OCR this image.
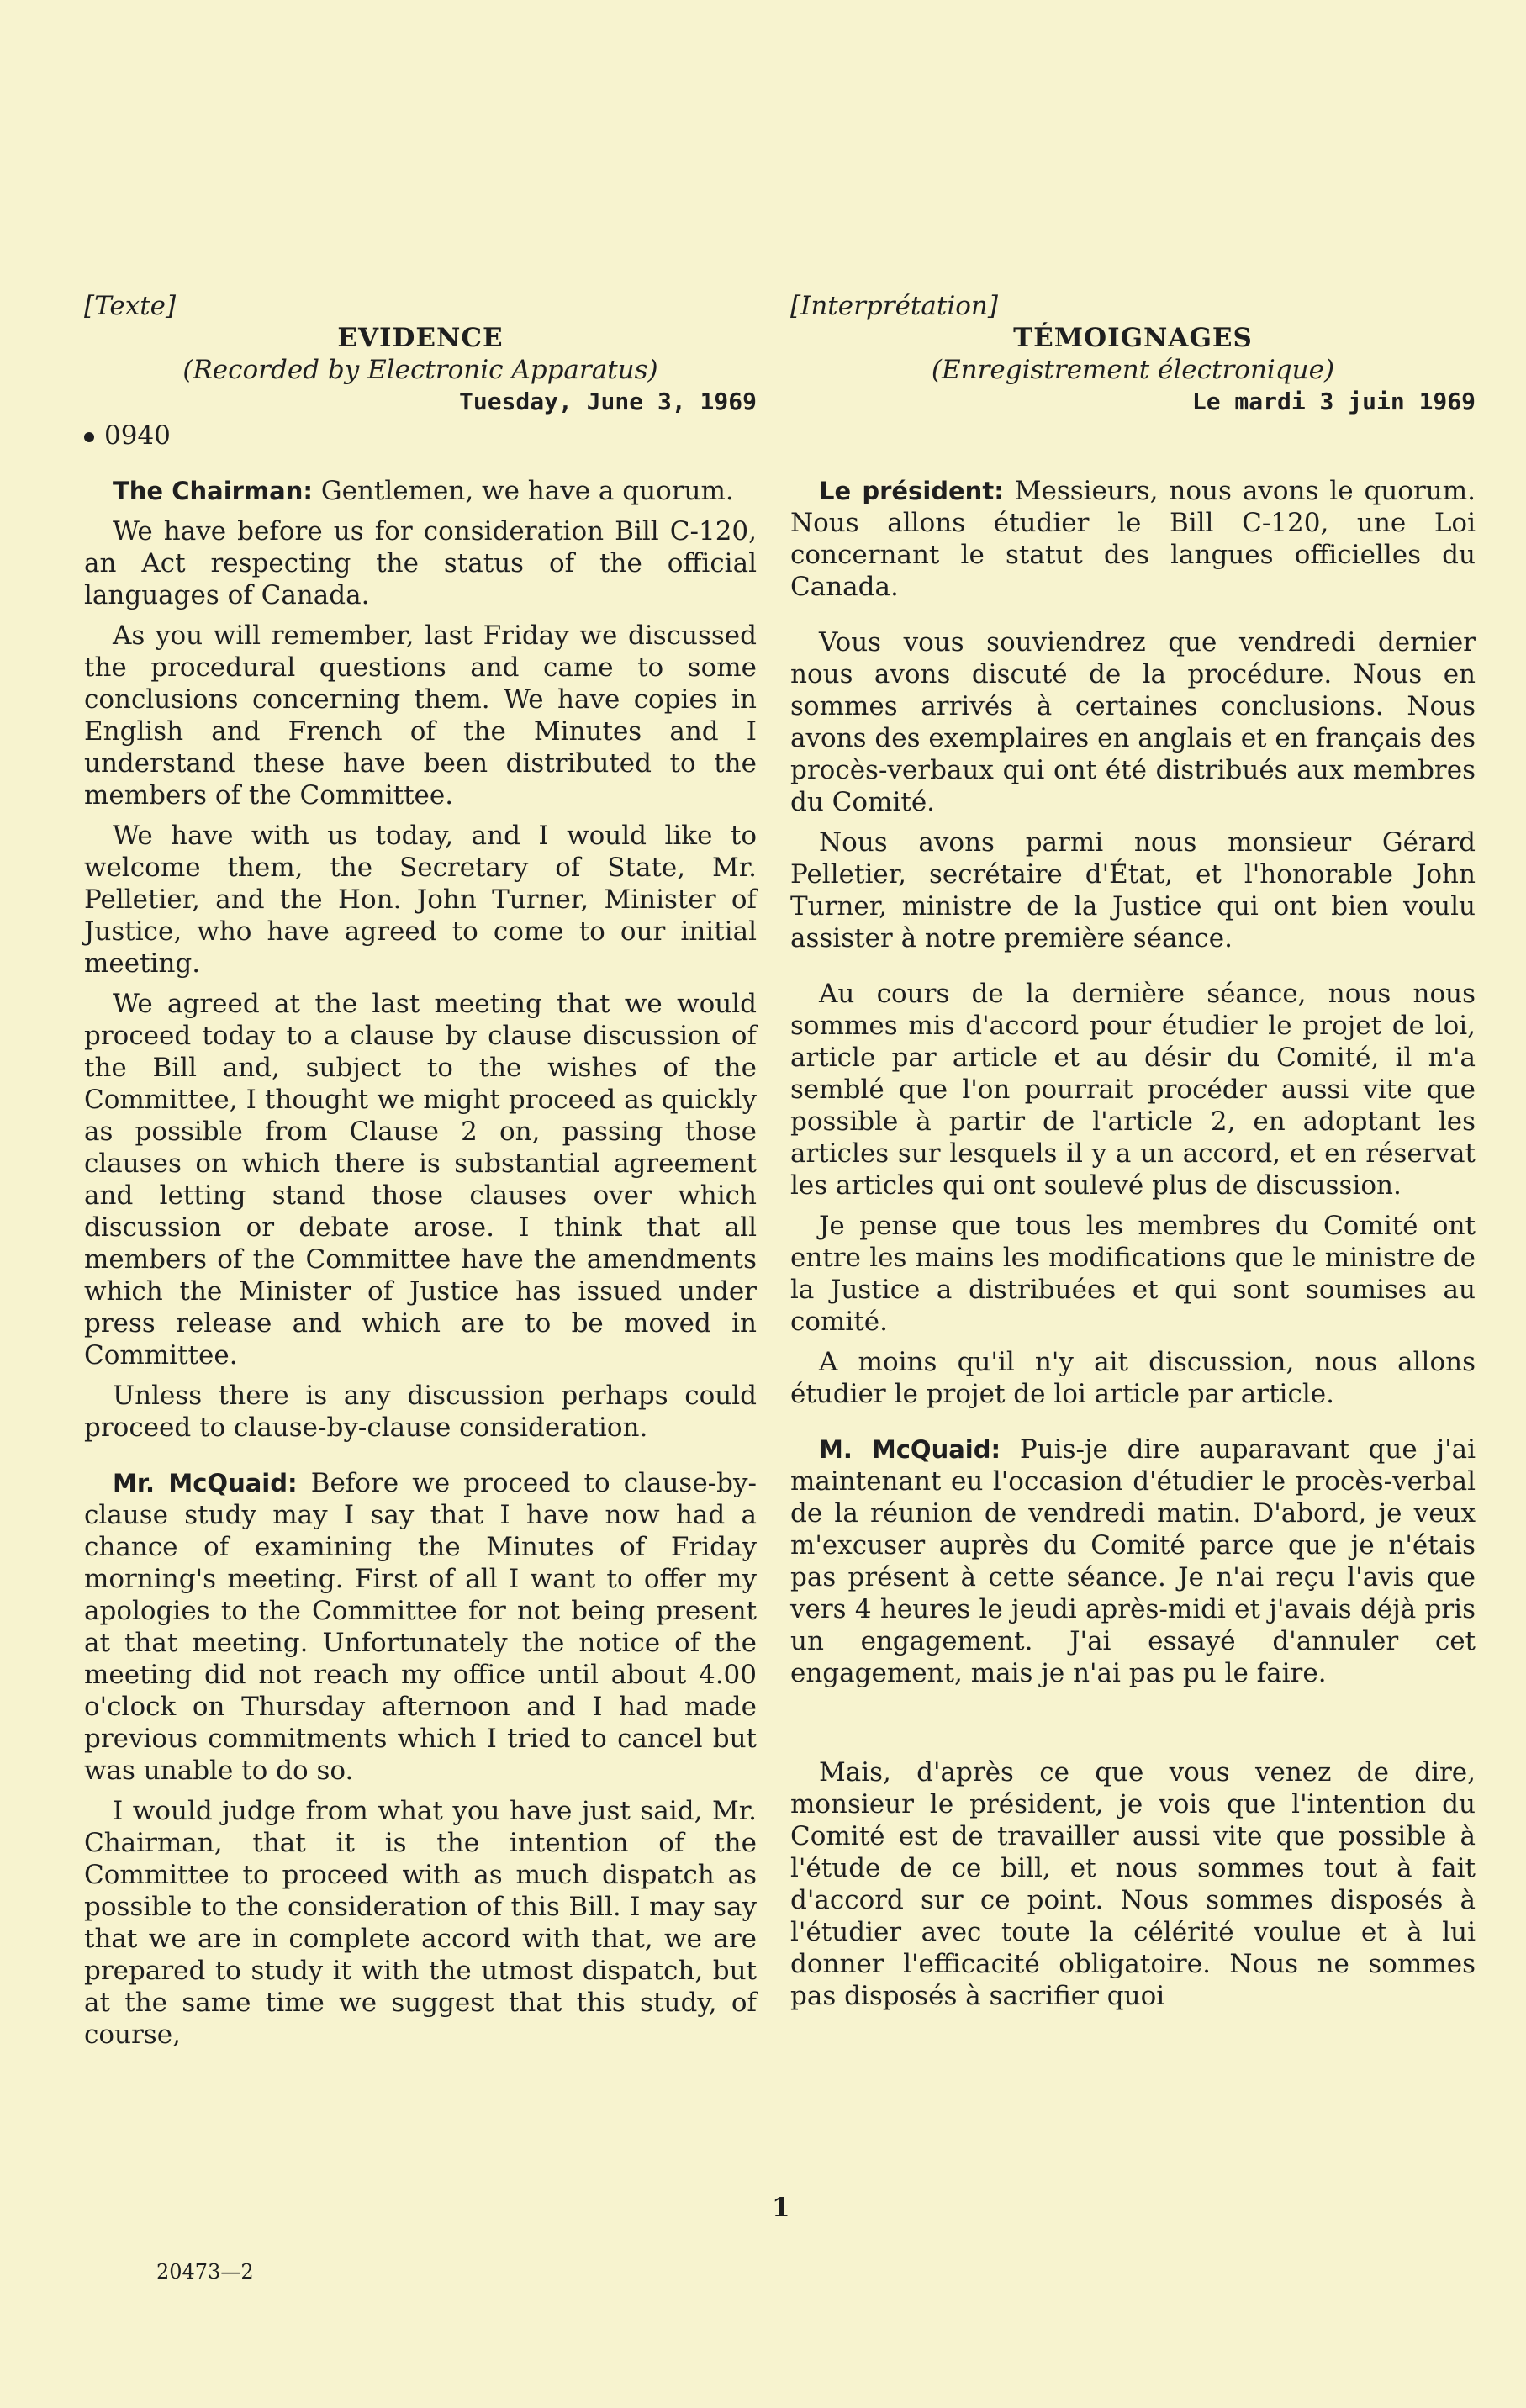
[Texte]
EVIDENCE
(Recorded by Electronic Apparatus)
Tuesday, June 3, 1969
0940

The Chairman: Gentlemen, we have a quorum.

We have before us for consideration Bill C-120, an Act respecting the status of the official languages of Canada.

As you will remember, last Friday we discussed the procedural questions and came to some conclusions concerning them. We have copies in English and French of the Minutes and I understand these have been distributed to the members of the Committee.

We have with us today, and I would like to welcome them, the Secretary of State, Mr. Pelletier, and the Hon. John Turner, Minister of Justice, who have agreed to come to our initial meeting.

We agreed at the last meeting that we would proceed today to a clause by clause discussion of the Bill and, subject to the wishes of the Committee, I thought we might proceed as quickly as possible from Clause 2 on, passing those clauses on which there is substantial agreement and letting stand those clauses over which discussion or debate arose. I think that all members of the Committee have the amendments which the Minister of Justice has issued under press release and which are to be moved in Committee.

Unless there is any discussion perhaps could proceed to clause-by-clause consideration.

Mr. McQuaid: Before we proceed to clause-by-clause study may I say that I have now had a chance of examining the Minutes of Friday morning's meeting. First of all I want to offer my apologies to the Committee for not being present at that meeting. Unfortunately the notice of the meeting did not reach my office until about 4.00 o'clock on Thursday afternoon and I had made previous commitments which I tried to cancel but was unable to do so.

I would judge from what you have just said, Mr. Chairman, that it is the intention of the Committee to proceed with as much dispatch as possible to the consideration of this Bill. I may say that we are in complete accord with that, we are prepared to study it with the utmost dispatch, but at the same time we suggest that this study, of course,

[Interprétation]
TÉMOIGNAGES
(Enregistrement électronique)
Le mardi 3 juin 1969

Le président: Messieurs, nous avons le quorum. Nous allons étudier le Bill C-120, une Loi concernant le statut des langues officielles du Canada.

Vous vous souviendrez que vendredi dernier nous avons discuté de la procédure. Nous en sommes arrivés à certaines conclusions. Nous avons des exemplaires en anglais et en français des procès-verbaux qui ont été distribués aux membres du Comité.

Nous avons parmi nous monsieur Gérard Pelletier, secrétaire d'État, et l'honorable John Turner, ministre de la Justice qui ont bien voulu assister à notre première séance.

Au cours de la dernière séance, nous nous sommes mis d'accord pour étudier le projet de loi, article par article et au désir du Comité, il m'a semblé que l'on pourrait procéder aussi vite que possible à partir de l'article 2, en adoptant les articles sur lesquels il y a un accord, et en réservat les articles qui ont soulevé plus de discussion.

Je pense que tous les membres du Comité ont entre les mains les modifications que le ministre de la Justice a distribuées et qui sont soumises au comité.

A moins qu'il n'y ait discussion, nous allons étudier le projet de loi article par article.

M. McQuaid: Puis-je dire auparavant que j'ai maintenant eu l'occasion d'étudier le procès-verbal de la réunion de vendredi matin. D'abord, je veux m'excuser auprès du Comité parce que je n'étais pas présent à cette séance. Je n'ai reçu l'avis que vers 4 heures le jeudi après-midi et j'avais déjà pris un engagement. J'ai essayé d'annuler cet engagement, mais je n'ai pas pu le faire.

Mais, d'après ce que vous venez de dire, monsieur le président, je vois que l'intention du Comité est de travailler aussi vite que possible à l'étude de ce bill, et nous sommes tout à fait d'accord sur ce point. Nous sommes disposés à l'étudier avec toute la célérité voulue et à lui donner l'efficacité obligatoire. Nous ne sommes pas disposés à sacrifier quoi

1
20473—2
